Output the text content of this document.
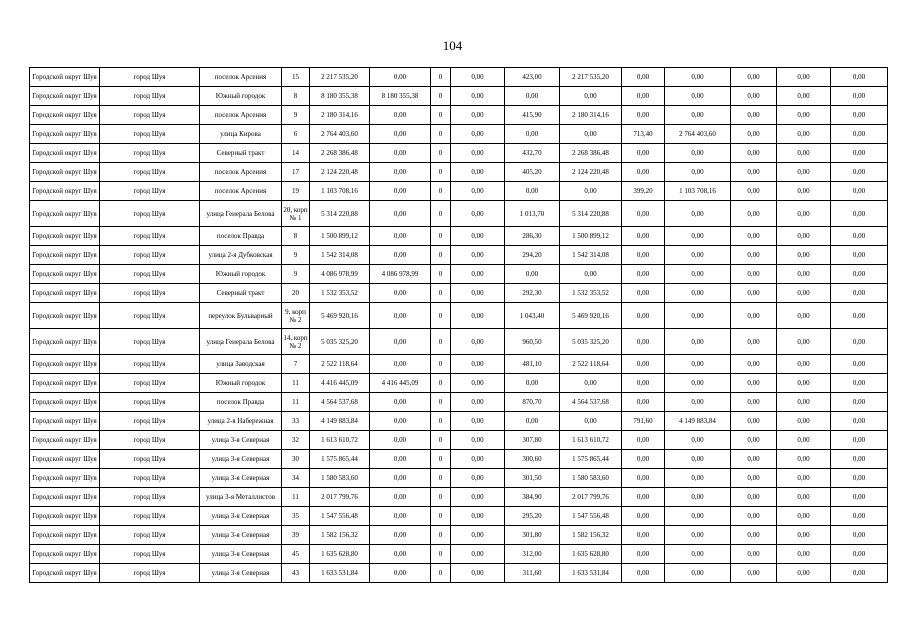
104
Городской округ Шуя	город Шуя	поселок Арсения	15	2 217 535,20	0,00	0	0,00	423,00	2 217 535,20	0,00	0,00	0,00	0,00	0,00
Городской округ Шуя	город Шуя	Южный городок	8	8 180 355,38	8 180 355,38	0	0,00	0,00	0,00	0,00	0,00	0,00	0,00	0,00
Городской округ Шуя	город Шуя	поселок Арсения	9	2 180 314,16	0,00	0	0,00	415,90	2 180 314,16	0,00	0,00	0,00	0,00	0,00
Городской округ Шуя	город Шуя	улица Кирова	6	2 764 403,60	0,00	0	0,00	0,00	0,00	713,40	2 764 403,60	0,00	0,00	0,00
Городской округ Шуя	город Шуя	Северный тракт	14	2 268 386,48	0,00	0	0,00	432,70	2 268 386,48	0,00	0,00	0,00	0,00	0,00
Городской округ Шуя	город Шуя	поселок Арсения	17	2 124 220,48	0,00	0	0,00	405,20	2 124 220,48	0,00	0,00	0,00	0,00	0,00
Городской округ Шуя	город Шуя	поселок Арсения	19	1 103 708,16	0,00	0	0,00	0,00	0,00	399,20	1 103 708,16	0,00	0,00	0,00
Городской округ Шуя	город Шуя	улица Генерала Белова	20, корп № 1	5 314 220,88	0,00	0	0,00	1 013,70	5 314 220,88	0,00	0,00	0,00	0,00	0,00
Городской округ Шуя	город Шуя	поселок Правда	8	1 500 899,12	0,00	0	0,00	286,30	1 500 899,12	0,00	0,00	0,00	0,00	0,00
Городской округ Шуя	город Шуя	улица 2-я Дубковская	9	1 542 314,08	0,00	0	0,00	294,20	1 542 314,08	0,00	0,00	0,00	0,00	0,00
Городской округ Шуя	город Шуя	Южный городок	9	4 086 978,99	4 086 978,99	0	0,00	0,00	0,00	0,00	0,00	0,00	0,00	0,00
Городской округ Шуя	город Шуя	Северный тракт	20	1 532 353,52	0,00	0	0,00	292,30	1 532 353,52	0,00	0,00	0,00	0,00	0,00
Городской округ Шуя	город Шуя	переулок Бульварный	9, корп № 2	5 469 920,16	0,00	0	0,00	1 043,40	5 469 920,16	0,00	0,00	0,00	0,00	0,00
Городской округ Шуя	город Шуя	улица Генерала Белова	14, корп № 2	5 035 325,20	0,00	0	0,00	960,50	5 035 325,20	0,00	0,00	0,00	0,00	0,00
Городской округ Шуя	город Шуя	улица Заводская	7	2 522 118,64	0,00	0	0,00	481,10	2 522 118,64	0,00	0,00	0,00	0,00	0,00
Городской округ Шуя	город Шуя	Южный городок	11	4 416 445,09	4 416 445,09	0	0,00	0,00	0,00	0,00	0,00	0,00	0,00	0,00
Городской округ Шуя	город Шуя	поселок Правда	11	4 564 537,68	0,00	0	0,00	870,70	4 564 537,68	0,00	0,00	0,00	0,00	0,00
Городской округ Шуя	город Шуя	улица 2-я Набережная	33	4 149 883,84	0,00	0	0,00	0,00	0,00	791,60	4 149 883,84	0,00	0,00	0,00
Городской округ Шуя	город Шуя	улица 3-я Северная	32	1 613 610,72	0,00	0	0,00	307,80	1 613 610,72	0,00	0,00	0,00	0,00	0,00
Городской округ Шуя	город Шуя	улица 3-я Северная	30	1 575 865,44	0,00	0	0,00	300,60	1 575 865,44	0,00	0,00	0,00	0,00	0,00
Городской округ Шуя	город Шуя	улица 3-я Северная	34	1 580 583,60	0,00	0	0,00	301,50	1 580 583,60	0,00	0,00	0,00	0,00	0,00
Городской округ Шуя	город Шуя	улица 3-я Металлистов	11	2 017 799,76	0,00	0	0,00	384,90	2 017 799,76	0,00	0,00	0,00	0,00	0,00
Городской округ Шуя	город Шуя	улица 3-я Северная	35	1 547 556,48	0,00	0	0,00	295,20	1 547 556,48	0,00	0,00	0,00	0,00	0,00
Городской округ Шуя	город Шуя	улица 3-я Северная	39	1 582 156,32	0,00	0	0,00	301,80	1 582 156,32	0,00	0,00	0,00	0,00	0,00
Городской округ Шуя	город Шуя	улица 3-я Северная	45	1 635 628,80	0,00	0	0,00	312,00	1 635 628,80	0,00	0,00	0,00	0,00	0,00
Городской округ Шуя	город Шуя	улица 3-я Северная	43	1 633 531,84	0,00	0	0,00	311,60	1 633 531,84	0,00	0,00	0,00	0,00	0,00
